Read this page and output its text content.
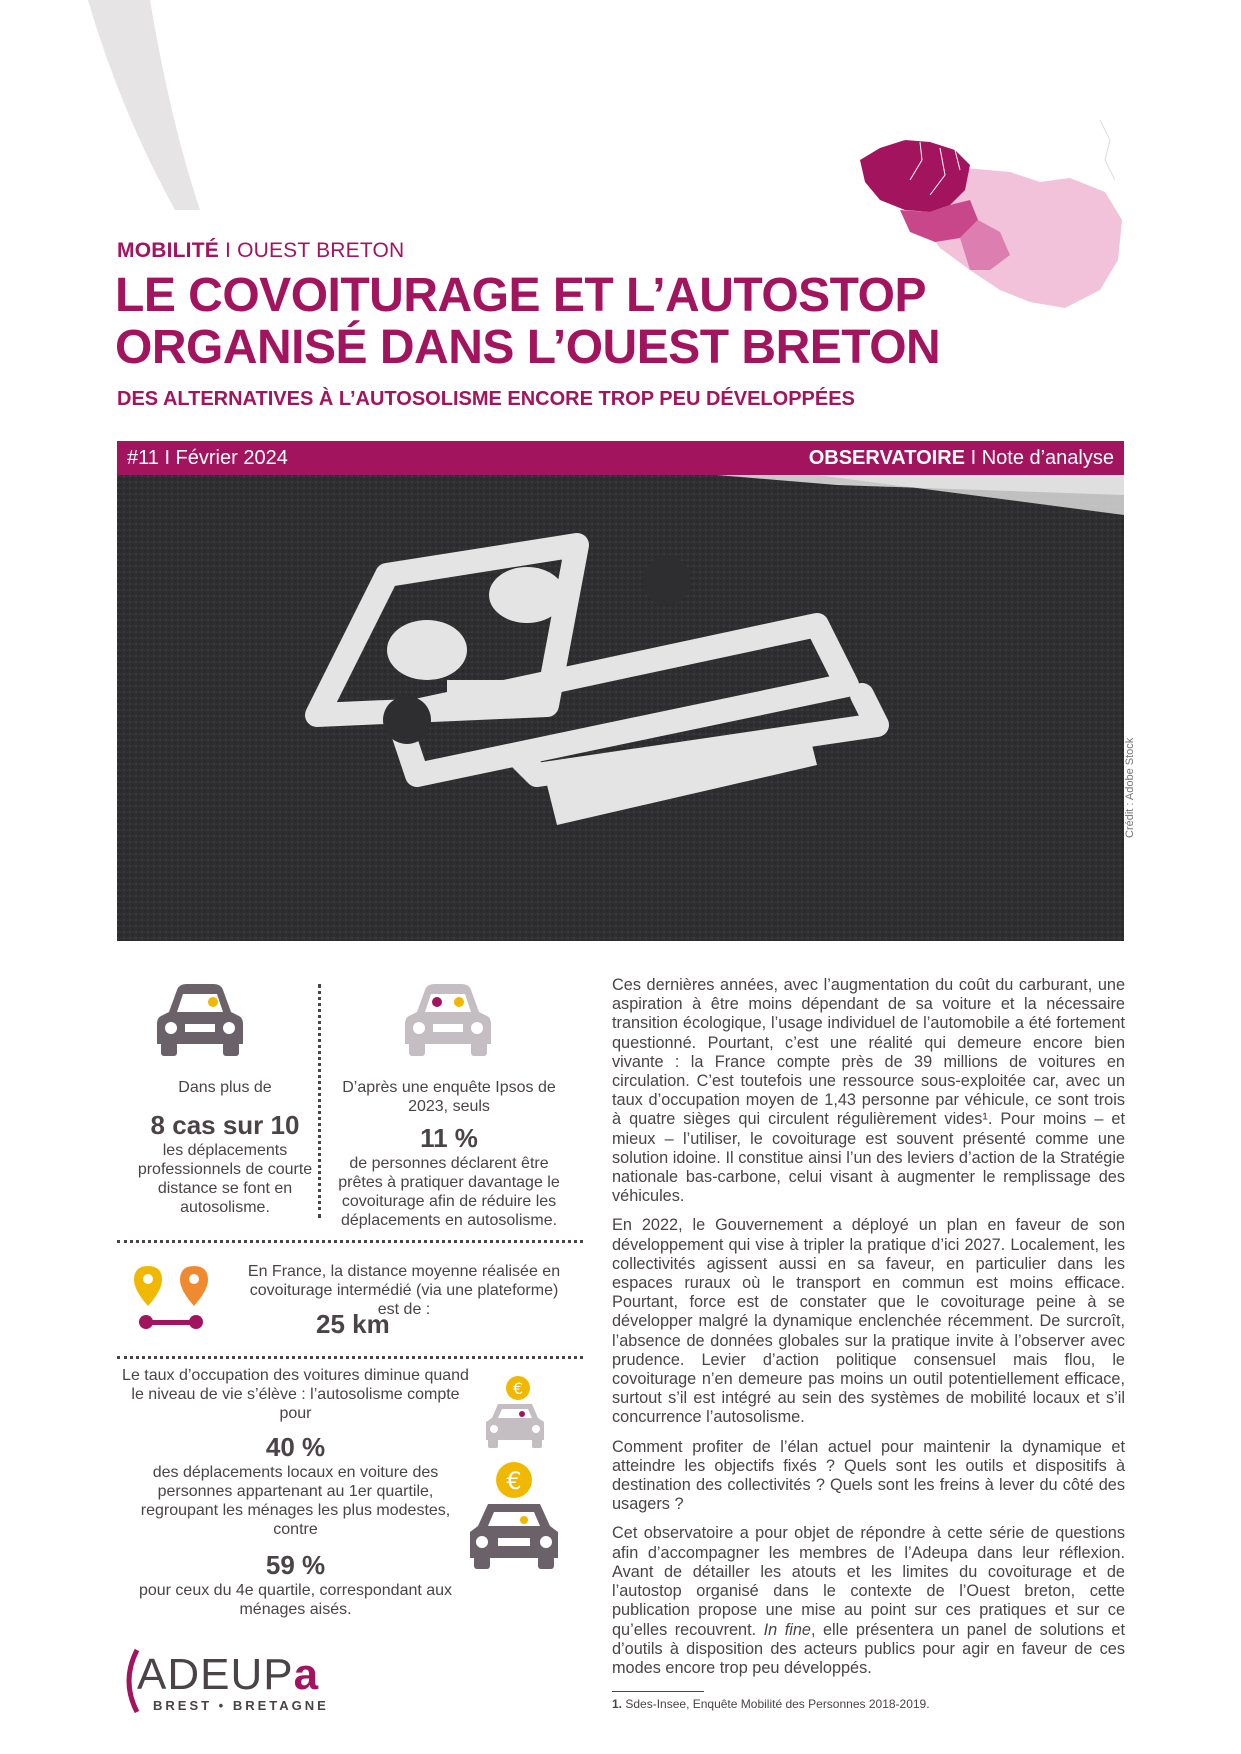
MOBILITÉ I OUEST BRETON
LE COVOITURAGE ET L’AUTOSTOP
ORGANISÉ DANS L’OUEST BRETON
DES ALTERNATIVES À L’AUTOSOLISME ENCORE TROP PEU DÉVELOPPÉES
#11 I Février 2024	OBSERVATOIRE I Note d’analyse
Crédit : Adobe Stock
Dans plus de
8 cas sur 10
les déplacements professionnels de courte distance se font en autosolisme.
D’après une enquête Ipsos de 2023, seuls
11 %
de personnes déclarent être prêtes à pratiquer davantage le covoiturage afin de réduire les déplacements en autosolisme.
En France, la distance moyenne réalisée en covoiturage intermédié (via une plateforme) est de :
25 km
Le taux d’occupation des voitures diminue quand le niveau de vie s’élève : l’autosolisme compte pour
40 %
des déplacements locaux en voiture des personnes appartenant au 1er quartile, regroupant les ménages les plus modestes, contre
59 %
pour ceux du 4e quartile, correspondant aux ménages aisés.
€
€

Ces dernières années, avec l’augmentation du coût du carburant, une aspiration à être moins dépendant de sa voiture et la nécessaire transition écologique, l’usage individuel de l’automobile a été fortement questionné. Pourtant, c’est une réalité qui demeure encore bien vivante : la France compte près de 39 millions de voitures en circulation. C’est toutefois une ressource sous-exploitée car, avec un taux d’occupation moyen de 1,43 personne par véhicule, ce sont trois à quatre sièges qui circulent régulièrement vides¹. Pour moins – et mieux – l’utiliser, le covoiturage est souvent présenté comme une solution idoine. Il constitue ainsi l’un des leviers d’action de la Stratégie nationale bas-carbone, celui visant à augmenter le remplissage des véhicules.

En 2022, le Gouvernement a déployé un plan en faveur de son développement qui vise à tripler la pratique d’ici 2027. Localement, les collectivités agissent aussi en sa faveur, en particulier dans les espaces ruraux où le transport en commun est moins efficace. Pourtant, force est de constater que le covoiturage peine à se développer malgré la dynamique enclenchée récemment. De surcroît, l’absence de données globales sur la pratique invite à l’observer avec prudence. Levier d’action politique consensuel mais flou, le covoiturage n’en demeure pas moins un outil potentiellement efficace, surtout s’il est intégré au sein des systèmes de mobilité locaux et s’il concurrence l’autosolisme.

Comment profiter de l’élan actuel pour maintenir la dynamique et atteindre les objectifs fixés ? Quels sont les outils et dispositifs à destination des collectivités ? Quels sont les freins à lever du côté des usagers ?

Cet observatoire a pour objet de répondre à cette série de questions afin d’accompagner les membres de l’Adeupa dans leur réflexion. Avant de détailler les atouts et les limites du covoiturage et de l’autostop organisé dans le contexte de l’Ouest breton, cette publication propose une mise au point sur ces pratiques et sur ce qu’elles recouvrent. In fine, elle présentera un panel de solutions et d’outils à disposition des acteurs publics pour agir en faveur de ces modes encore trop peu développés.

1. Sdes-Insee, Enquête Mobilité des Personnes 2018-2019.
ADEUPa
BREST • BRETAGNE
